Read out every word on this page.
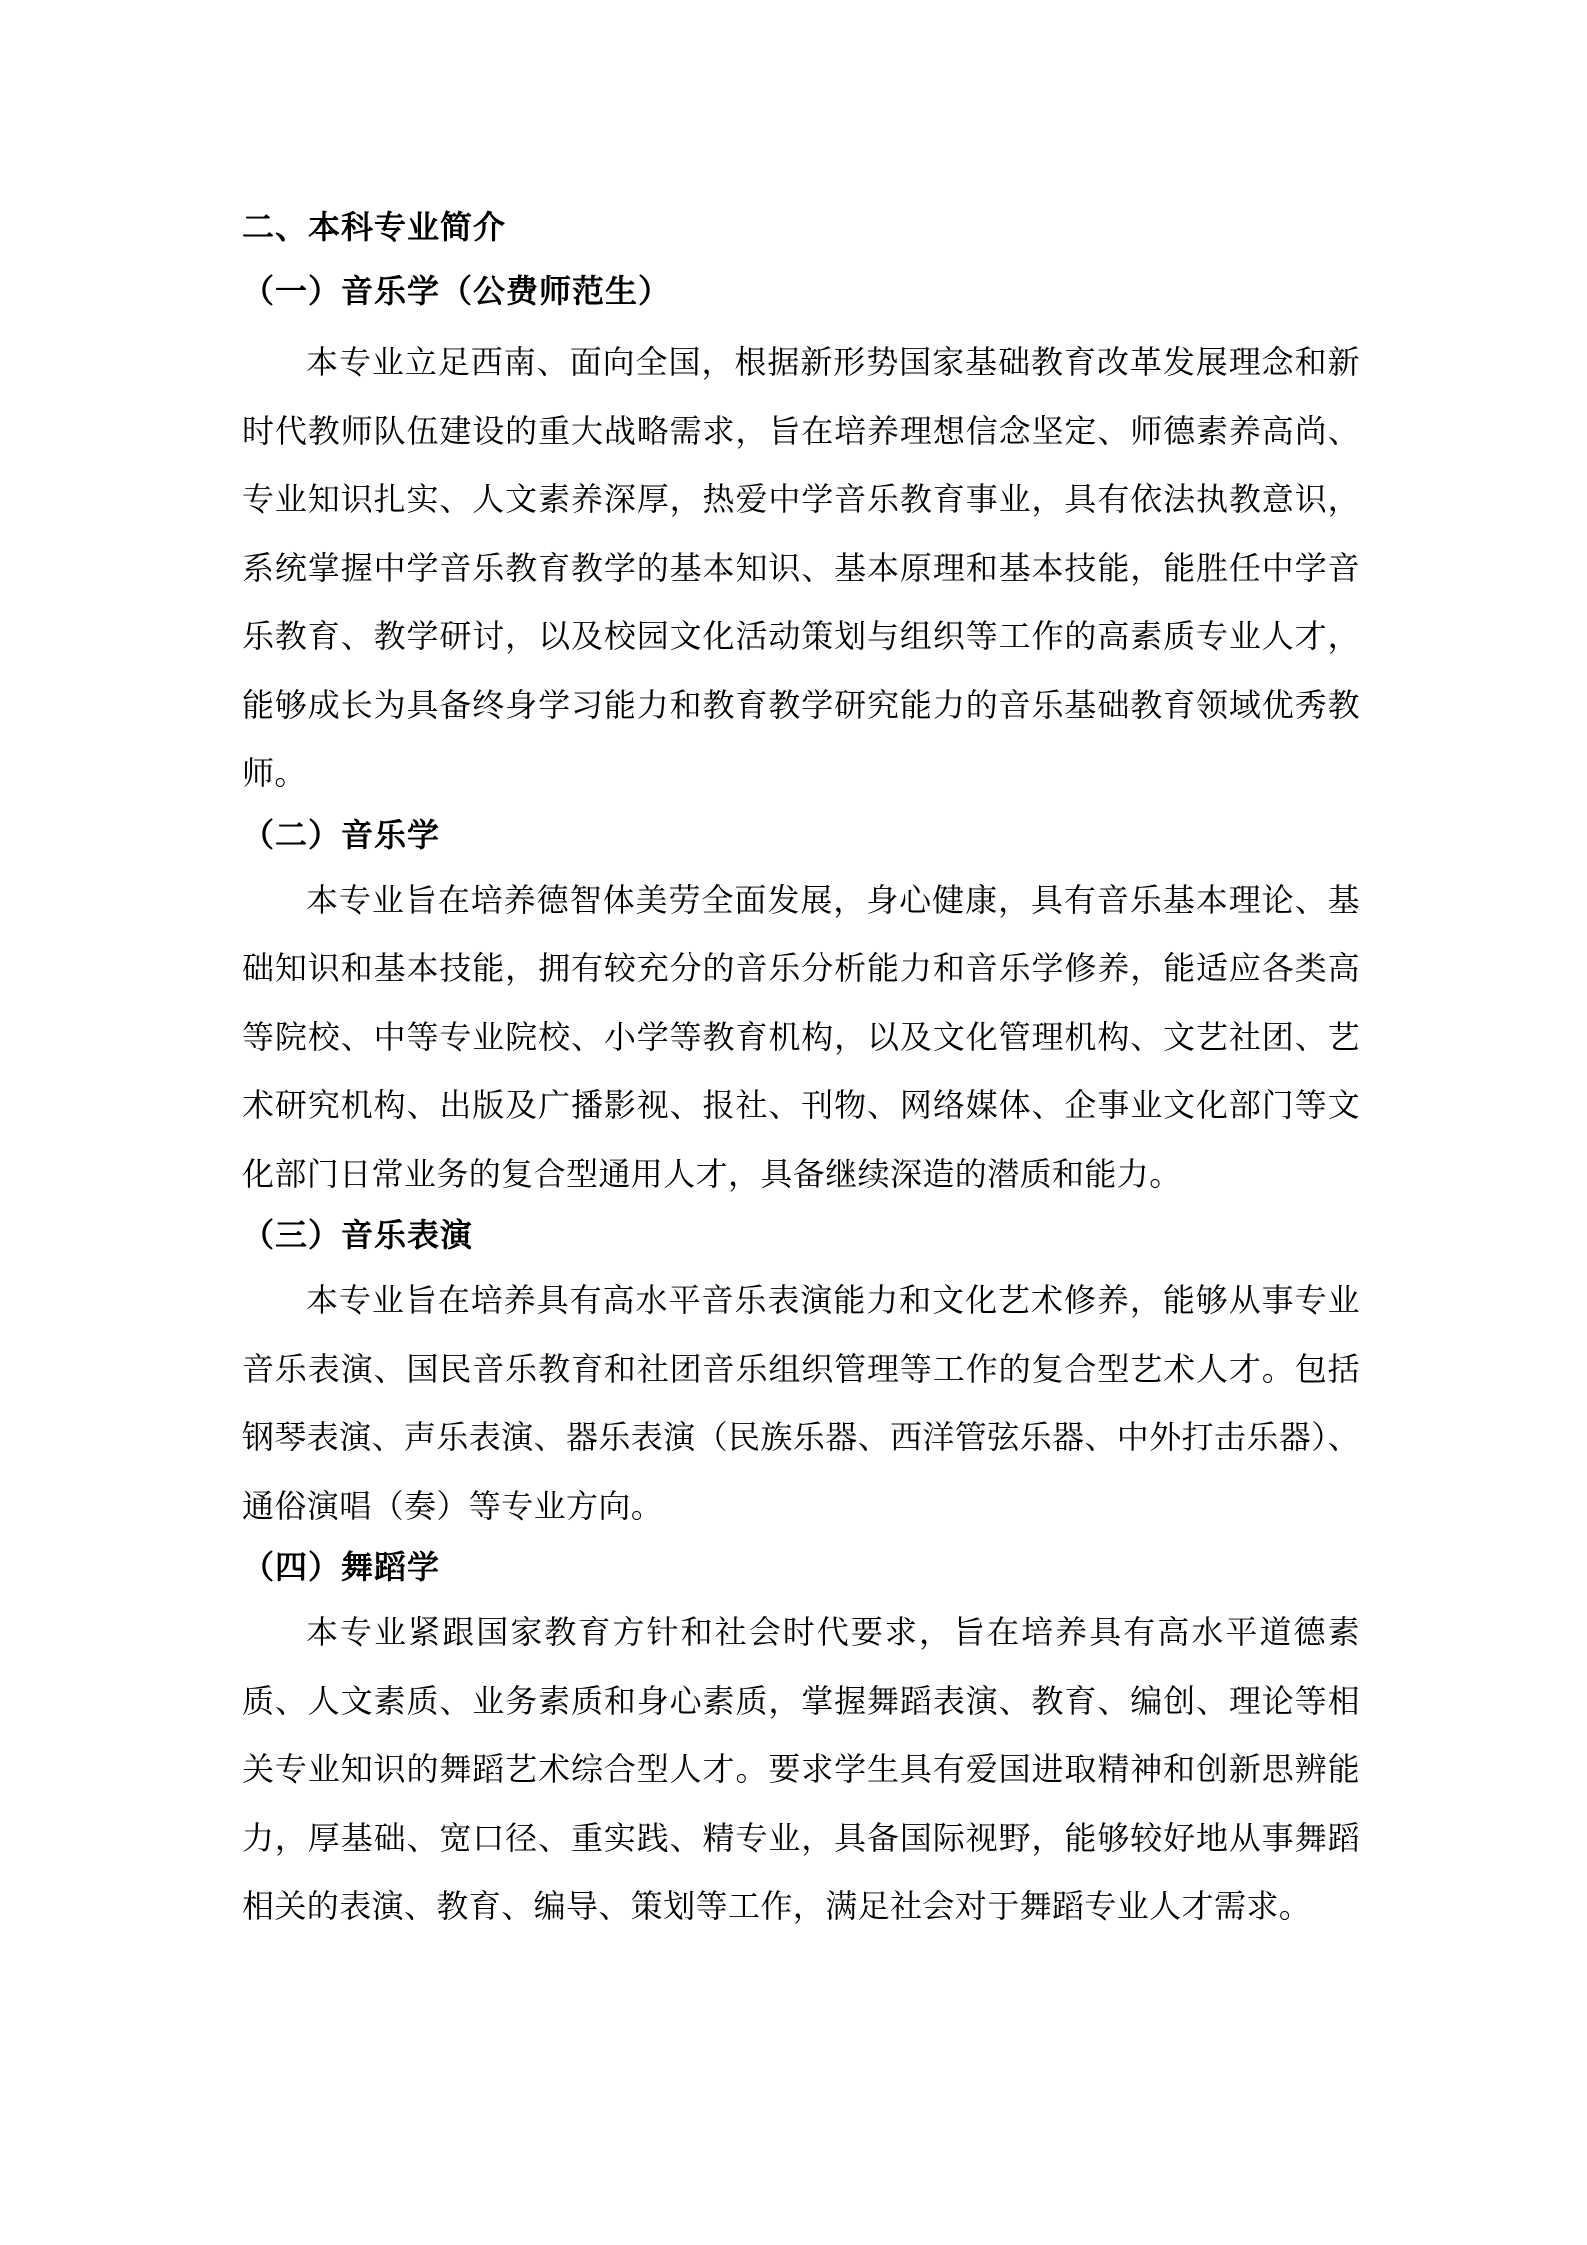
二、本科专业简介
（一）音乐学（公费师范生）

本专业立足西南、面向全国，根据新形势国家基础教育改革发展理念和新时代教师队伍建设的重大战略需求，旨在培养理想信念坚定、师德素养高尚、专业知识扎实、人文素养深厚，热爱中学音乐教育事业，具有依法执教意识，系统掌握中学音乐教育教学的基本知识、基本原理和基本技能，能胜任中学音乐教育、教学研讨，以及校园文化活动策划与组织等工作的高素质专业人才，能够成长为具备终身学习能力和教育教学研究能力的音乐基础教育领域优秀教师。

（二）音乐学

本专业旨在培养德智体美劳全面发展，身心健康，具有音乐基本理论、基础知识和基本技能，拥有较充分的音乐分析能力和音乐学修养，能适应各类高等院校、中等专业院校、小学等教育机构，以及文化管理机构、文艺社团、艺术研究机构、出版及广播影视、报社、刊物、网络媒体、企事业文化部门等文化部门日常业务的复合型通用人才，具备继续深造的潜质和能力。

（三）音乐表演

本专业旨在培养具有高水平音乐表演能力和文化艺术修养，能够从事专业音乐表演、国民音乐教育和社团音乐组织管理等工作的复合型艺术人才。包括钢琴表演、声乐表演、器乐表演（民族乐器、西洋管弦乐器、中外打击乐器）、通俗演唱（奏）等专业方向。

（四）舞蹈学

本专业紧跟国家教育方针和社会时代要求，旨在培养具有高水平道德素质、人文素质、业务素质和身心素质，掌握舞蹈表演、教育、编创、理论等相关专业知识的舞蹈艺术综合型人才。要求学生具有爱国进取精神和创新思辨能力，厚基础、宽口径、重实践、精专业，具备国际视野，能够较好地从事舞蹈相关的表演、教育、编导、策划等工作，满足社会对于舞蹈专业人才需求。
